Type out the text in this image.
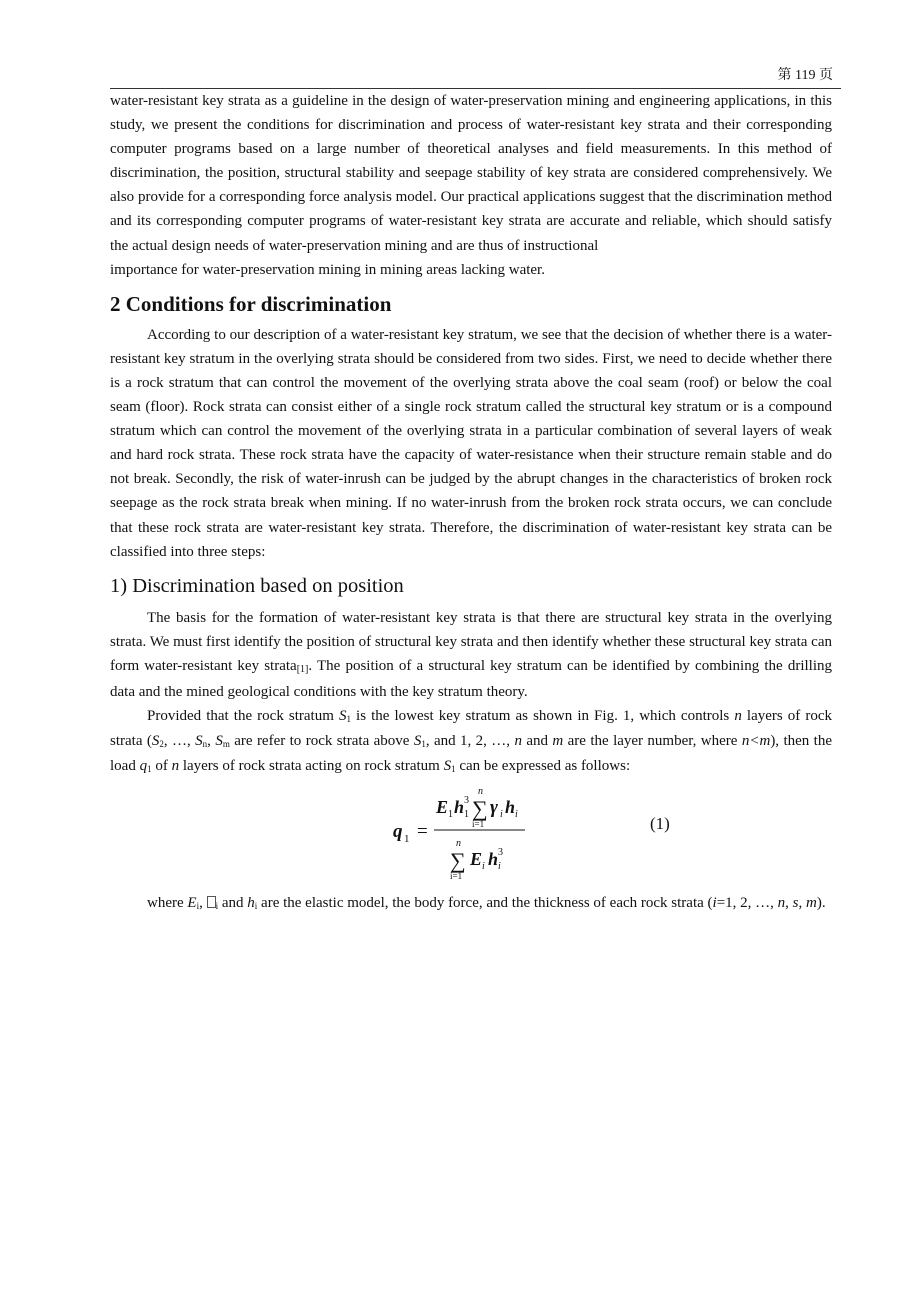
第 119 页

water-resistant key strata as a guideline in the design of water-preservation mining and engineering applications, in this study, we present the conditions for discrimination and process of water-resistant key strata and their corresponding computer programs based on a large number of theoretical analyses and field measurements. In this method of discrimination, the position, structural stability and seepage stability of key strata are considered comprehensively. We also provide for a corresponding force analysis model. Our practical applications suggest that the discrimination method and its corresponding computer programs of water-resistant key strata are accurate and reliable, which should satisfy the actual design needs of water-preservation mining and are thus of instructional

importance for water-preservation mining in mining areas lacking water.

2 Conditions for discrimination

According to our description of a water-resistant key stratum, we see that the decision of whether there is a water-resistant key stratum in the overlying strata should be considered from two sides. First, we need to decide whether there is a rock stratum that can control the movement of the overlying strata above the coal seam (roof) or below the coal seam (floor). Rock strata can consist either of a single rock stratum called the structural key stratum or is a compound stratum which can control the movement of the overlying strata in a particular combination of several layers of weak and hard rock strata. These rock strata have the capacity of water-resistance when their structure remain stable and do not break. Secondly, the risk of water-inrush can be judged by the abrupt changes in the characteristics of broken rock seepage as the rock strata break when mining. If no water-inrush from the broken rock strata occurs, we can conclude that these rock strata are water-resistant key strata. Therefore, the discrimination of water-resistant key strata can be classified into three steps:

1) Discrimination based on position

The basis for the formation of water-resistant key strata is that there are structural key strata in the overlying strata. We must first identify the position of structural key strata and then identify whether these structural key strata can form water-resistant key strata[1]. The position of a structural key stratum can be identified by combining the drilling data and the mined geological conditions with the key stratum theory.

Provided that the rock stratum $S_1$ is the lowest key stratum as shown in Fig. 1, which controls n layers of rock strata ($S_2$, …, $S_n$, $S_m$ are refer to rock strata above $S_1$, and 1, 2, …, n and m are the layer number, where n<m), then the load $q_1$ of n layers of rock strata acting on rock stratum $S_1$ can be expressed as follows:

q 1 =
n
E 1 h 3
1 ∑
i=1
γ i h i
n
∑
i=1
E i h 3
i
(1)

where $E_i$, $_i$ and $h_i$ are the elastic model, the body force, and the thickness of each rock strata (i=1, 2, …, n, s, m).
